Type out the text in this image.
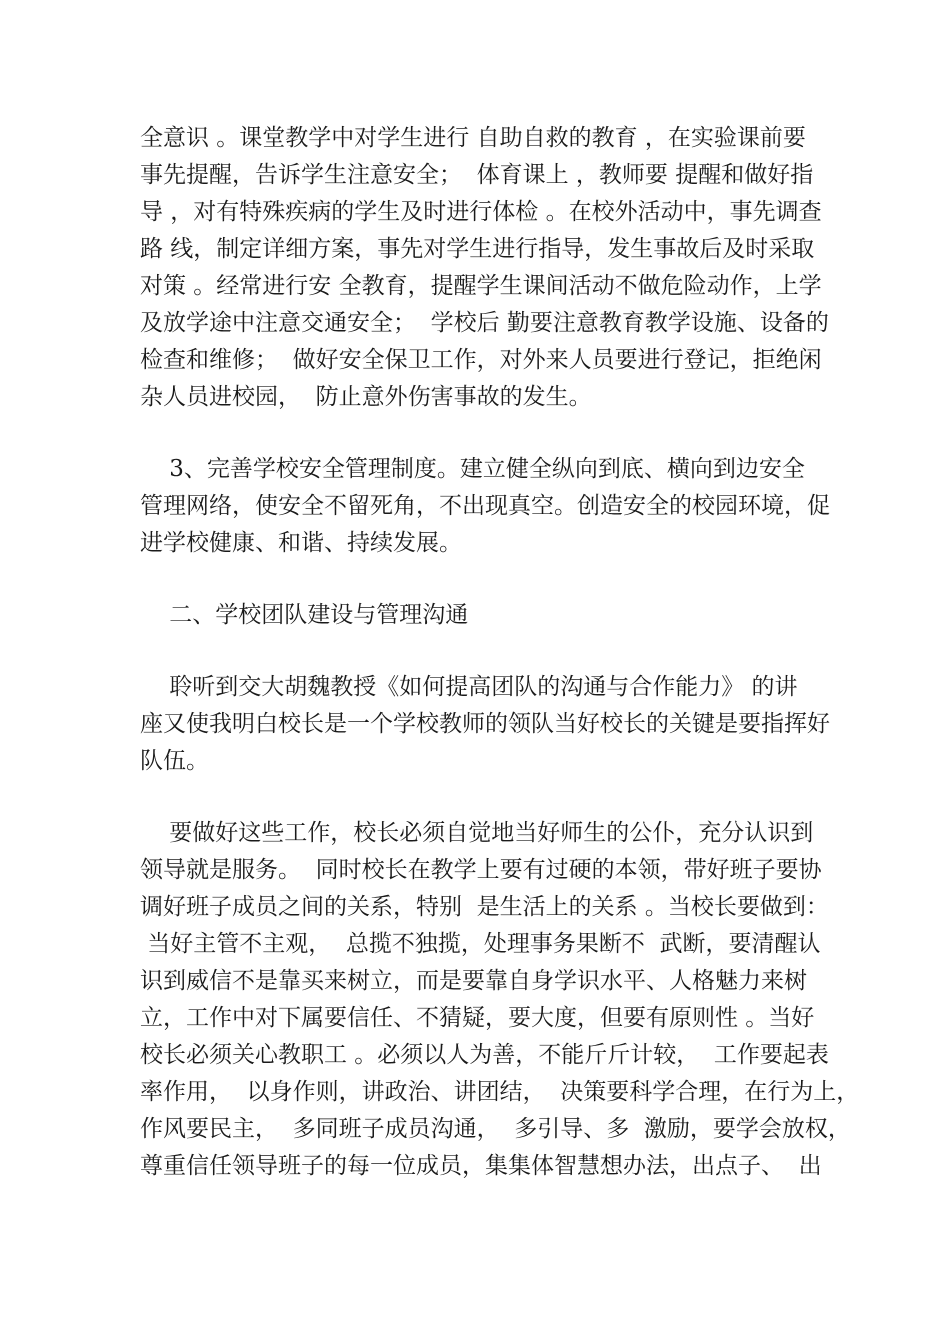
全意识 。课堂教学中对学生进行 自助自救的教育 ，在实验课前要
事先提醒，告诉学生注意安全；  体育课上 ，教师要 提醒和做好指
导 ，对有特殊疾病的学生及时进行体检 。在校外活动中，事先调查
路 线，制定详细方案，事先对学生进行指导，发生事故后及时采取
对策 。经常进行安 全教育，提醒学生课间活动不做危险动作，上学
及放学途中注意交通安全；  学校后 勤要注意教育教学设施、设备的
检查和维修；  做好安全保卫工作，对外来人员要进行登记，拒绝闲
杂人员进校园，  防止意外伤害事故的发生。
3、完善学校安全管理制度。建立健全纵向到底、横向到边安全
管理网络，使安全不留死角，不出现真空。创造安全的校园环境，促
进学校健康、和谐、持续发展。
二、学校团队建设与管理沟通
聆听到交大胡魏教授《如何提高团队的沟通与合作能力》 的讲
座又使我明白校长是一个学校教师的领队当好校长的关键是要指挥好
队伍。
要做好这些工作，校长必须自觉地当好师生的公仆，充分认识到
领导就是服务。  同时校长在教学上要有过硬的本领，带好班子要协
调好班子成员之间的关系，特别  是生活上的关系 。当校长要做到：
当好主管不主观，  总揽不独揽，处理事务果断不  武断，要清醒认
识到威信不是靠买来树立，而是要靠自身学识水平、人格魅力来树
立，工作中对下属要信任、不猜疑，要大度，但要有原则性 。当好
校长必须关心教职工 。必须以人为善，不能斤斤计较，  工作要起表
率作用，  以身作则，讲政治、讲团结，  决策要科学合理，在行为上，
作风要民主，  多同班子成员沟通，  多引导、多  激励，要学会放权，
尊重信任领导班子的每一位成员，集集体智慧想办法，出点子、  出
